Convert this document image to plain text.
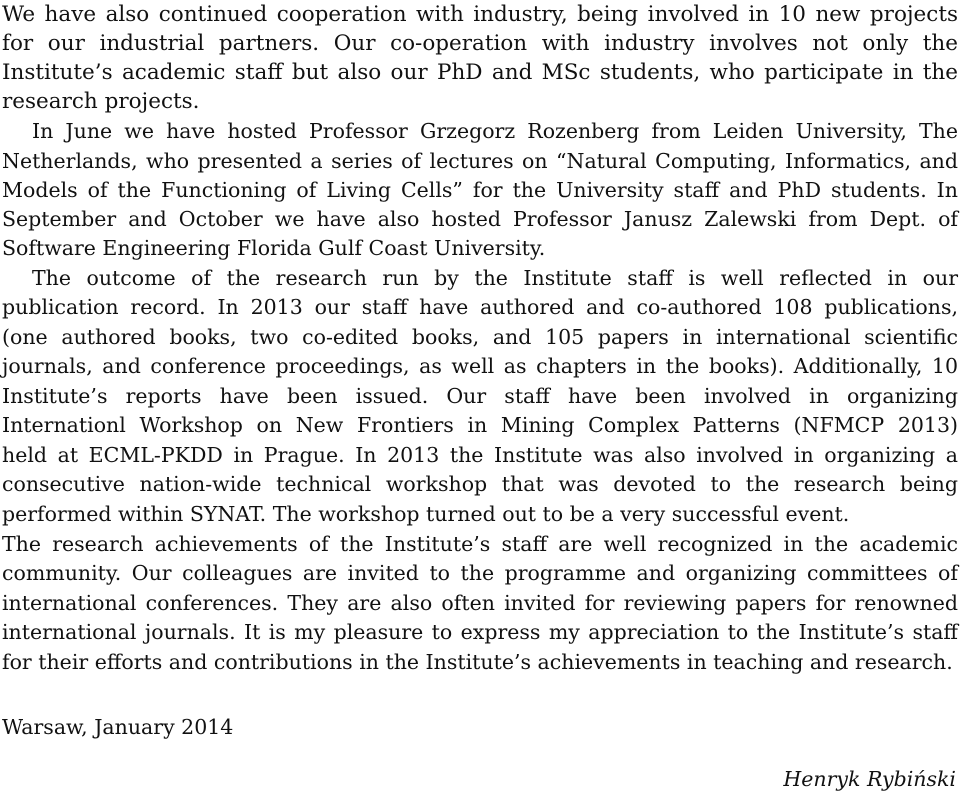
We have also continued cooperation with industry, being involved in 10 new projects
for our industrial partners. Our co-operation with industry involves not only the
Institute’s academic staff but also our PhD and MSc students, who participate in the
research projects.
In June we have hosted Professor Grzegorz Rozenberg from Leiden University, The
Netherlands, who presented a series of lectures on “Natural Computing, Informatics, and
Models of the Functioning of Living Cells” for the University staff and PhD students. In
September and October we have also hosted Professor Janusz Zalewski from Dept. of
Software Engineering Florida Gulf Coast University.
The outcome of the research run by the Institute staff is well reflected in our
publication record. In 2013 our staff have authored and co-authored 108 publications,
(one authored books, two co-edited books, and 105 papers in international scientific
journals, and conference proceedings, as well as chapters in the books). Additionally, 10
Institute’s reports have been issued. Our staff have been involved in organizing
Internationl Workshop on New Frontiers in Mining Complex Patterns (NFMCP 2013)
held at ECML-PKDD in Prague. In 2013 the Institute was also involved in organizing a
consecutive nation-wide technical workshop that was devoted to the research being
performed within SYNAT. The workshop turned out to be a very successful event.
The research achievements of the Institute’s staff are well recognized in the academic
community. Our colleagues are invited to the programme and organizing committees of
international conferences. They are also often invited for reviewing papers for renowned
international journals. It is my pleasure to express my appreciation to the Institute’s staff
for their efforts and contributions in the Institute’s achievements in teaching and research.
Warsaw, January 2014
Henryk Rybiński
